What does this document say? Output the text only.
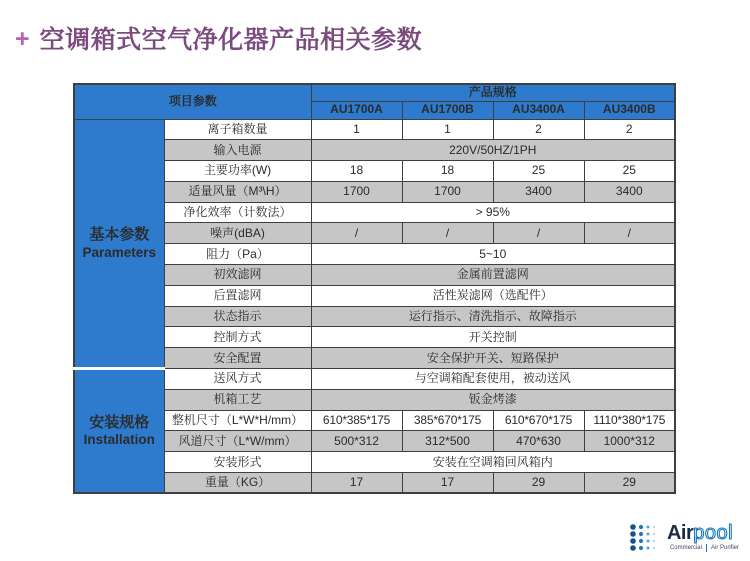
+ 空调箱式空气净化器产品相关参数
项目参数		产品规格			
		AU1700A	AU1700B	AU3400A	AU3400B

基本参数
Parameters	离子箱数量	1	1	2	2
	输入电源	220V/50HZ/1PH			
	主要功率(W)	18	18	25	25
	适量风量（M³\H）	1700	1700	3400	3400
	净化效率（计数法）	> 95%			
	噪声(dBA)	/	/	/	/
	阻力（Pa）	5~10			
	初效滤网	金属前置滤网			
	后置滤网	活性炭滤网（选配件）			
	状态指示	运行指示、清洗指示、故障指示			
	控制方式	开关控制			
	安全配置	安全保护开关、短路保护			

安装规格
Installation	送风方式	与空调箱配套使用，被动送风			
	机箱工艺	钣金烤漆			
	整机尺寸（L*W*H/mm）	610*385*175	385*670*175	610*670*175	1110*380*175
	风道尺寸（L*W/mm）	500*312	312*500	470*630	1000*312
	安装形式	安装在空调箱回风箱内			
	重量（KG）	17	17	29	29
Airpool
Commercial Air Purifier
